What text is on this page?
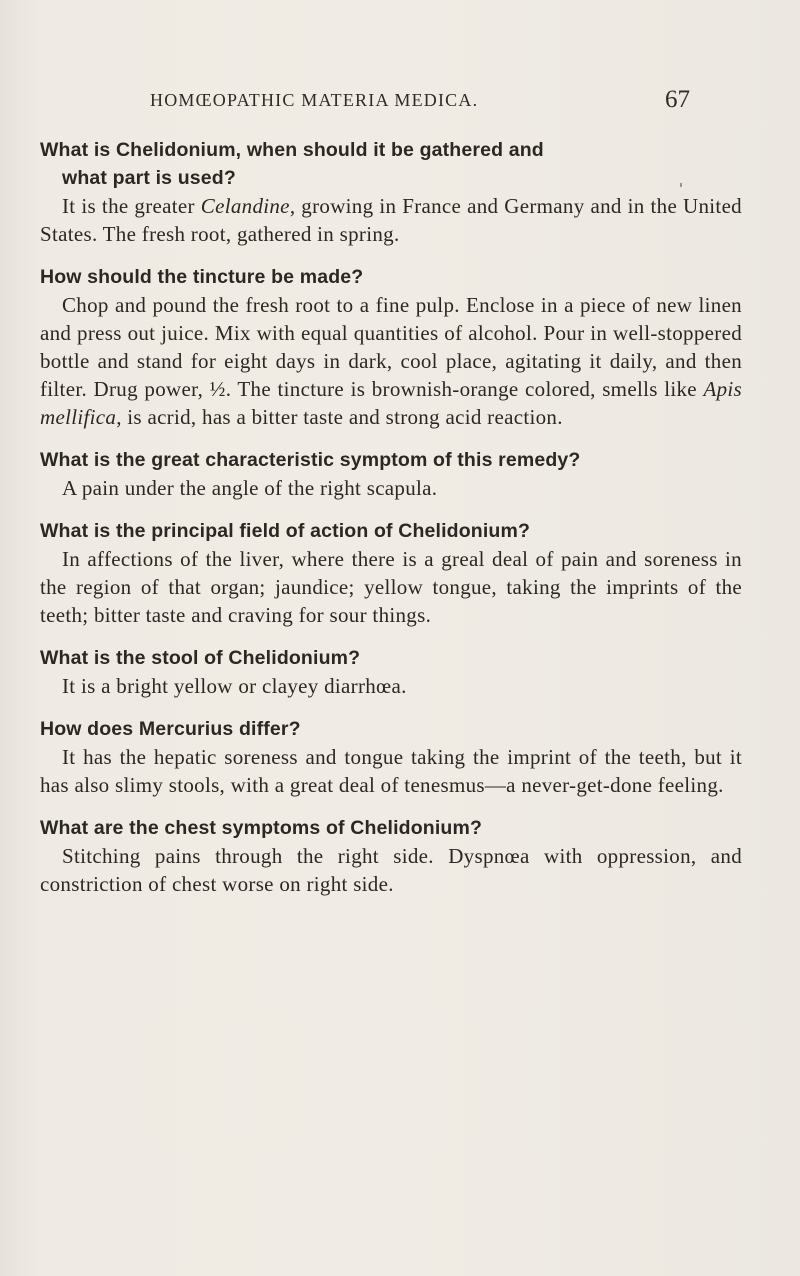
HOMŒOPATHIC MATERIA MEDICA.	67

What is Chelidonium, when should it be gathered and
what part is used?

It is the greater Celandine, growing in France and Germany and in the United States. The fresh root, gathered in spring.

How should the tincture be made?

Chop and pound the fresh root to a fine pulp. Enclose in a piece of new linen and press out juice. Mix with equal quantities of alcohol. Pour in well-stoppered bottle and stand for eight days in dark, cool place, agitating it daily, and then filter. Drug power, ½. The tincture is brownish-orange colored, smells like Apis mellifica, is acrid, has a bitter taste and strong acid reaction.

What is the great characteristic symptom of this remedy?

A pain under the angle of the right scapula.

What is the principal field of action of Chelidonium?

In affections of the liver, where there is a greal deal of pain and soreness in the region of that organ; jaundice; yellow tongue, taking the imprints of the teeth; bitter taste and craving for sour things.

What is the stool of Chelidonium?

It is a bright yellow or clayey diarrhœa.

How does Mercurius differ?

It has the hepatic soreness and tongue taking the imprint of the teeth, but it has also slimy stools, with a great deal of tenesmus—a never-get-done feeling.

What are the chest symptoms of Chelidonium?

Stitching pains through the right side. Dyspnœa with oppression, and constriction of chest worse on right side.
